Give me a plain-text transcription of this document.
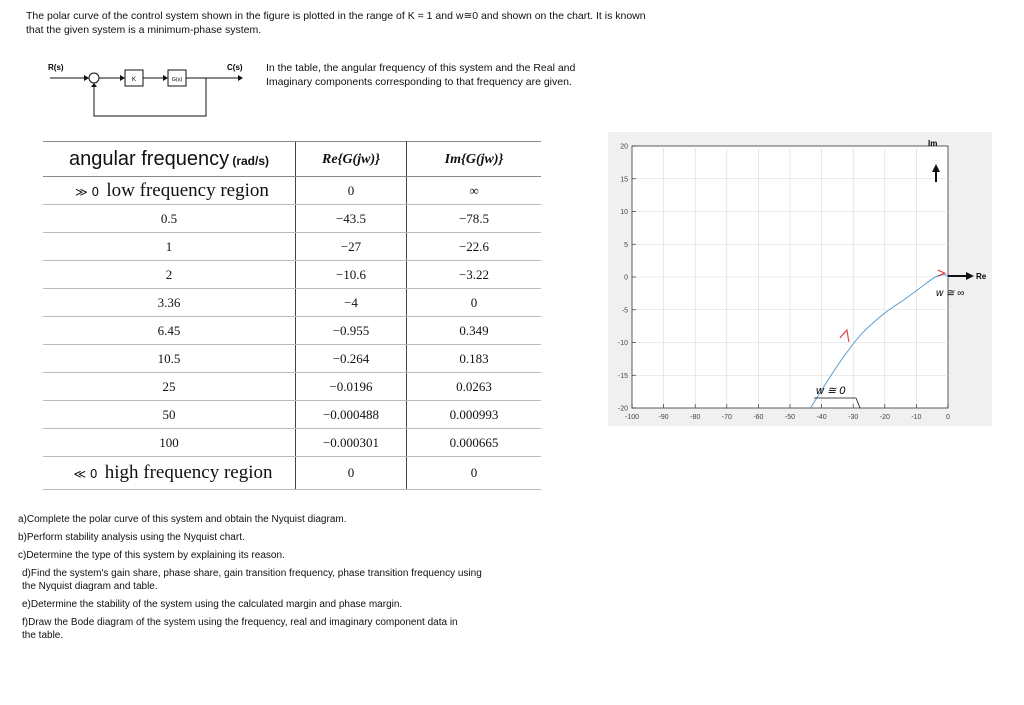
The polar curve of the control system shown in the figure is plotted in the range of K = 1 and w≅0 and shown on the chart. It is known
that the given system is a minimum-phase system.
R(s)
K	G(s)
C(s) In the table, the angular frequency of this system and the Real and
Imaginary components corresponding to that frequency are given.
angular frequency (rad/s)	Re{G(jw)}	Im{G(jw)}
≫ 0 low frequency region	0	∞
0.5	−43.5	−78.5
1	−27	−22.6
2	−10.6	−3.22
3.36	−4	0
6.45	−0.955	0.349
10.5	−0.264	0.183
25	−0.0196	0.0263
50	−0.000488	0.000993
100	−0.000301	0.000665
≪ 0 high frequency region	0	0

a)Complete the polar curve of this system and obtain the Nyquist diagram.

b)Perform stability analysis using the Nyquist chart.

c)Determine the type of this system by explaining its reason.

d)Find the system's gain share, phase share, gain transition frequency, phase transition frequency using

the Nyquist diagram and table.

e)Determine the stability of the system using the calculated margin and phase margin.

f)Draw the Bode diagram of the system using the frequency, real and imaginary component data in

the table.

-100	-90	-80	-70	-60	-50	-40	-30	-20	-10	0
20
15
10
5
0
-5
-10
-15
-20
Im
Re
w ≅ ∞
w ≅ 0
